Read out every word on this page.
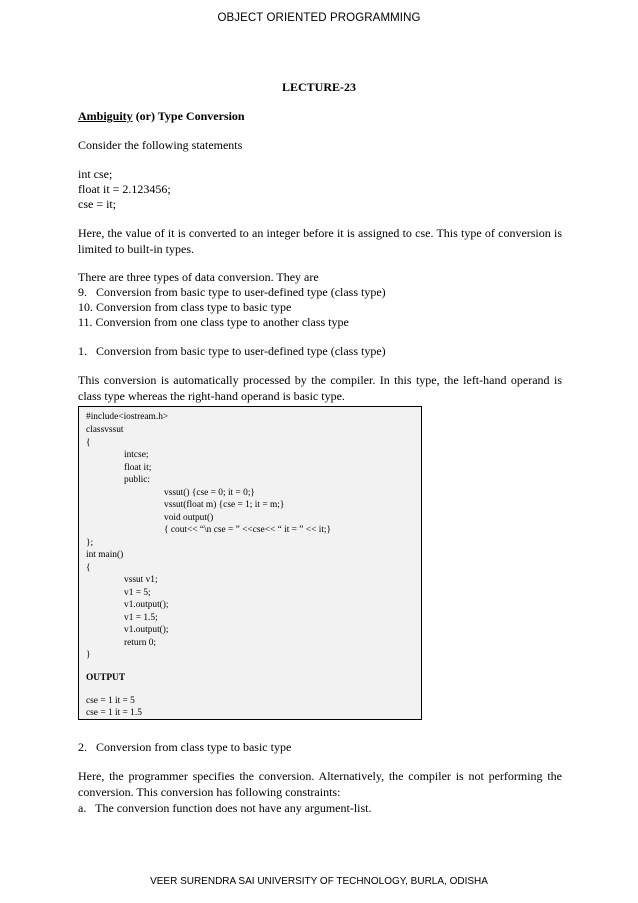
OBJECT ORIENTED PROGRAMMING
LECTURE-23
Ambiguity (or) Type Conversion
Consider the following statements
int cse;
float it = 2.123456;
cse = it;
Here, the value of it is converted to an integer before it is assigned to cse. This type of conversion is limited to built-in types.
There are three types of data conversion. They are
9.   Conversion from basic type to user-defined type (class type)
10. Conversion from class type to basic type
11. Conversion from one class type to another class type
1.   Conversion from basic type to user-defined type (class type)
This conversion is automatically processed by the compiler. In this type, the left-hand operand is class type whereas the right-hand operand is basic type.
#include<iostream.h>
classvssut
{
intcse;
float it;
public:
vssut() {cse = 0; it = 0;}
vssut(float m) {cse = 1; it = m;}
void output()
{ cout<< “\n cse = ” <<cse<< “ it = ” << it;}
};
int main()
{
vssut v1;
v1 = 5;
v1.output();
v1 = 1.5;
v1.output();
return 0;
}
OUTPUT
cse = 1 it = 5
cse = 1 it = 1.5
2.   Conversion from class type to basic type
Here, the programmer specifies the conversion. Alternatively, the compiler is not performing the conversion. This conversion has following constraints:
a.   The conversion function does not have any argument-list.
VEER SURENDRA SAI UNIVERSITY OF TECHNOLOGY, BURLA, ODISHA
